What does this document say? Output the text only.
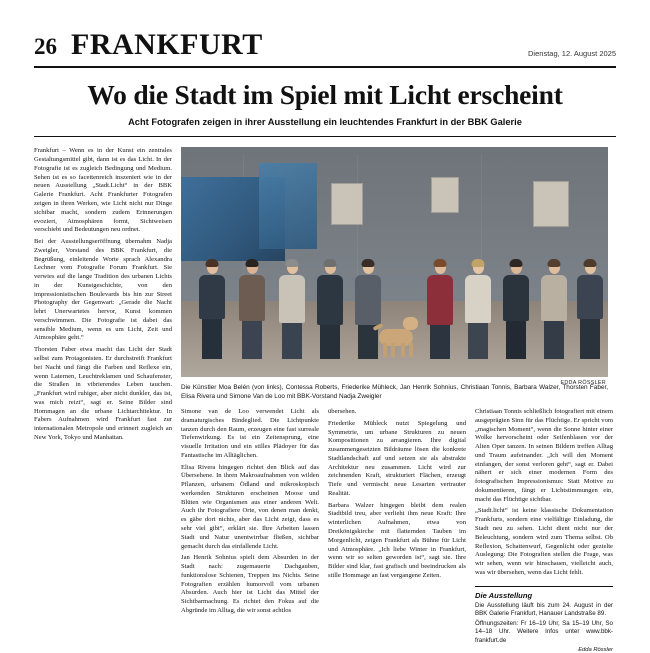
26 FRANKFURT	Dienstag, 12. August 2025
Wo die Stadt im Spiel mit Licht erscheint
Acht Fotografen zeigen in ihrer Ausstellung ein leuchtendes Frankfurt in der BBK Galerie

Frankfurt – Wenn es in der Kunst ein zentrales Gestaltungsmittel gibt, dann ist es das Licht. In der Fotografie ist es zugleich Bedingung und Medium. Sehen ist es so facettenreich inszeniert wie in der neuen Ausstellung „Stadt.Licht“ in der BBK Galerie Frankfurt. Acht Frankfurter Fotografen zeigen in ihren Werken, wie Licht nicht nur Dinge sichtbar macht, sondern zudem Erinnerungen evoziert, Atmosphären formt, Sichtweisen verschiebt und Bedeutungen neu ordnet.

Bei der Ausstellungseröffnung übernahm Nadja Zweigler, Vorstand des BBK Frankfurt, die Begrüßung, einleitende Worte sprach Alexandra Lechner vom Fotografie Forum Frankfurt. Sie verwies auf die lange Tradition des urbanen Lichts in der Kunstgeschichte, von den impressionistischen Boulevards bis hin zur Street Photography der Gegenwart: „Gerade die Nacht lehrt Unerwartetes hervor, Kunst kommen verschwimmen. Die Fotografie ist dabei das sensible Medium, wenn es um Licht, Zeit und Atmosphäre geht.“

Thorsten Faber etwa macht das Licht der Stadt selbst zum Protagonisten. Er durchstreift Frankfurt bei Nacht und fängt die Farben und Reflexe ein, wenn Laternen, Leuchtreklamen und Schaufenster, die Straßen in vibrierendes Leben tauchen. „Frankfurt wird ruhiger, aber nicht dunkler, das ist, was mich reizt“, sagt er. Seine Bilder sind Hommagen an die urbane Lichtarchitektur. In Fabers Aufnahmen wird Frankfurt fast zur internationalen Metropole und erinnert zugleich an New York, Tokyo und Manhattan.

EDDA RÖSSLER
Die Künstler Moa Belén (von links), Contessa Roberts, Friederike Mühleck, Jan Henrik Sohnius, Christiaan Tonnis, Barbara Walzer, Thorsten Faber, Elisa Rivera und Simone Van de Loo mit BBK-Vorstand Nadja Zweigler

Simone van de Loo verwendet Licht als dramaturgisches Bindeglied. Die Lichtpunkte tanzen durch den Raum, erzeugen eine fast surreale Tiefenwirkung. Es ist ein Zeitensprung, eine visuelle Irritation und ein stilles Plädoyer für das Fantastische im Alltäglichen.

Elisa Rivera hingegen richtet den Blick auf das Übersehene. In ihren Makroaufnahmen von wilden Pflanzen, urbanem Ödland und mikroskopisch werkenden Strukturen erscheinen Moose und Blüten wie Organismen aus einer anderen Welt. Auch ihr Fotografiere Orte, von denen man denkt, es gäbe dort nichts, aber das Licht zeigt, dass es sehr viel gibt“, erklärt sie. Ihre Arbeiten lassen Stadt und Natur unentwirrbar fließen, sichtbar gemacht durch das einfallende Licht.

Jan Henrik Sohnius spielt dem Absurden in der Stadt nach: zugemauerte Dachgauben, funktionslose Schienen, Treppen ins Nichts. Seine Fotografien erzählen humorvoll vom urbanen Absurden. Auch hier ist Licht das Mittel der Sichtbarmachung. Es richtet den Fokus auf die Abgründe im Alltag, die wir sonst achtlos

übersehen.

Friederike Mühleck nutzt Spiegelung und Symmetrie, um urbane Strukturen zu neuen Kompositionen zu arrangieren. Ihre digital zusammengesetzten Bildräume lösen die konkrete Stadtlandschaft auf und setzen sie als abstrakte Architektur neu zusammen. Licht wird zur zeichnenden Kraft, strukturiert Flächen, erzeugt Tiefe und vermischt neue Lesarten vertrauter Realität.

Barbara Walzer hingegen bleibt dem realen Stadtbild treu, aber verlieht ihm neue Kraft: Ihre winterlichen Aufnahmen, etwa von Dreikönigskirche mit flatternden Tauben im Morgenlicht, zeigen Frankfurt als Bühne für Licht und Atmosphäre. „Ich liebe Winter in Frankfurt, wenn wir so selten geworden ist“, sagt sie. Ihre Bilder sind klar, fast grafisch und beeindrucken als stille Hommage an fast vergangene Zeiten.

Christiaan Tonnis schließlich fotografiert mit einem ausgeprägten Sinn für das Flüchtige. Er spricht vom „magischen Moment“, wenn die Sonne hinter einer Wolke hervorscheint oder Seifenblasen vor der Alten Oper tanzen. In seinen Bildern treffen Alltag und Traum aufeinander. „Ich will den Moment einfangen, der sonst verloren geht“, sagt er. Dabei nähert er sich einer modernen Form des fotografischen Impressionismus: Statt Motive zu dokumentieren, fängt er Lichtstimmungen ein, macht das Flüchtige sichtbar.

„Stadt.licht“ ist keine klassische Dokumentation Frankfurts, sondern eine vielfältige Einladung, die Stadt neu zu sehen. Licht dient nicht nur der Beleuchtung, sondern wird zum Thema selbst. Ob Reflexion, Schattenwurf, Gegenlicht oder gezielte Auslegung: Die Fotografien stellen die Frage, was wir sehen, wenn wir hinschauen, vielleicht auch, was wir übersehen, wenn das Licht fehlt.

Die Ausstellung

Die Ausstellung läuft bis zum 24. August in der BBK Galerie Frankfurt, Hanauer Landstraße 89.

Öffnungszeiten: Fr 16–19 Uhr, Sa 15–19 Uhr, So 14–18 Uhr. Weitere Infos unter www.bbk-frankfurt.de

Edda Rössler
